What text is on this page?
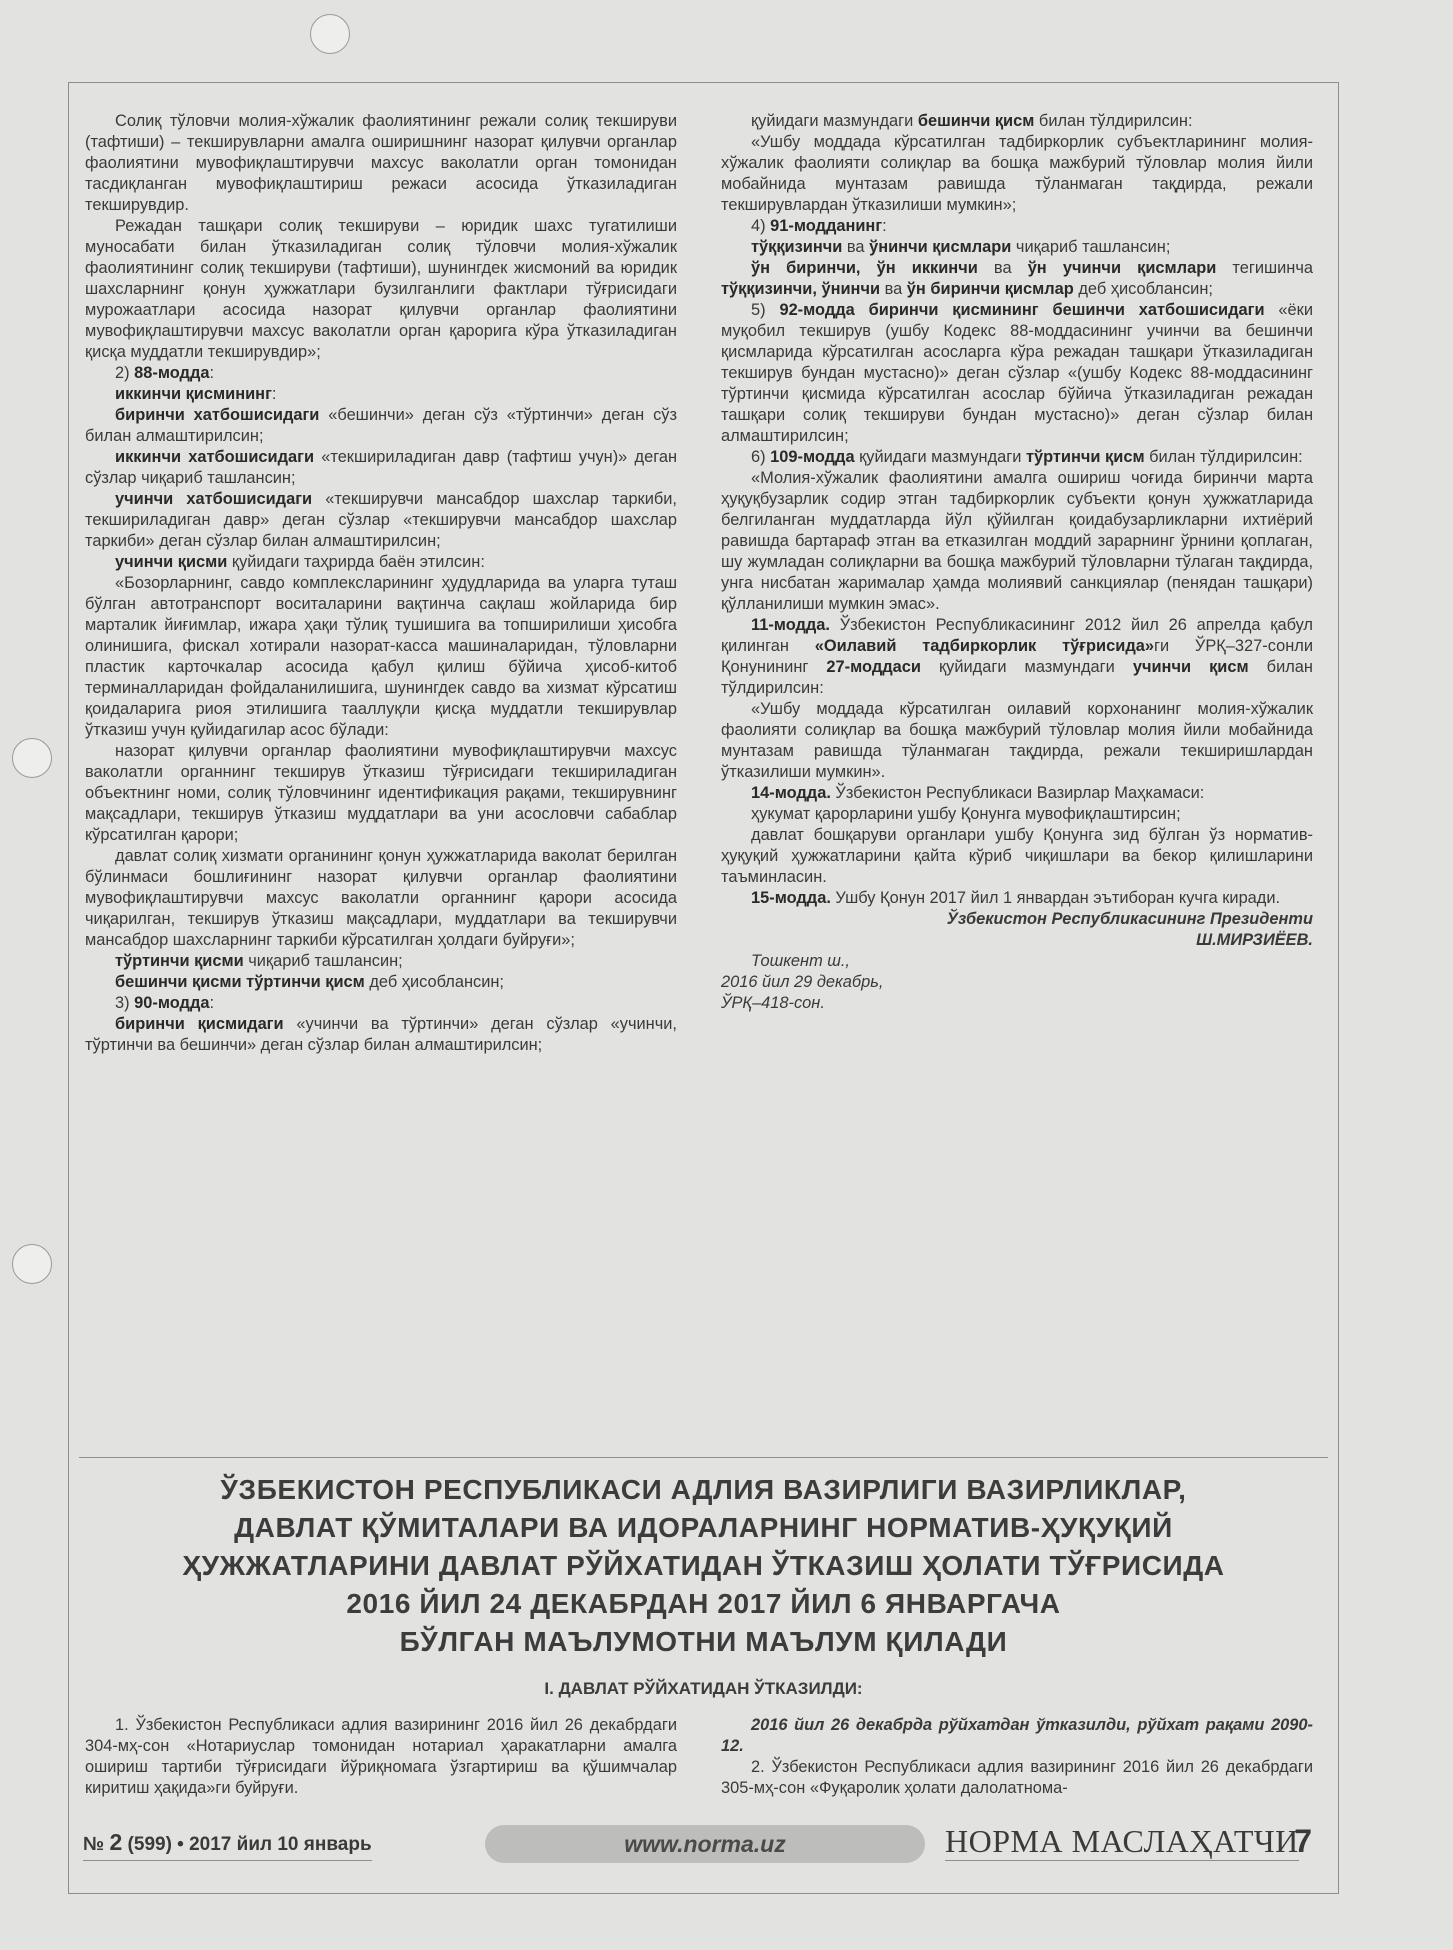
Солиқ тўловчи молия-хўжалик фаолиятининг режали солиқ текшируви (тафтиши) – текширувларни амалга оширишнинг назорат қилувчи органлар фаолиятини мувофиқлаштирувчи махсус ваколатли орган томонидан тасдиқланган мувофиқлаштириш режаси асосида ўтказиладиган текширувдир.

Режадан ташқари солиқ текшируви – юридик шахс тугатилиши муносабати билан ўтказиладиган солиқ тўловчи молия-хўжалик фаолиятининг солиқ текшируви (тафтиши), шунингдек жисмоний ва юридик шахсларнинг қонун ҳужжатлари бузилганлиги фактлари тўғрисидаги мурожаатлари асосида назорат қилувчи органлар фаолиятини мувофиқлаштирувчи махсус ваколатли орган қарорига кўра ўтказиладиган қисқа муддатли текширувдир»;

2) 88-модда:

иккинчи қисмининг:

биринчи хатбошисидаги «бешинчи» деган сўз «тўртинчи» деган сўз билан алмаштирилсин;

иккинчи хатбошисидаги «текшириладиган давр (тафтиш учун)» деган сўзлар чиқариб ташлансин;

учинчи хатбошисидаги «текширувчи мансабдор шахслар таркиби, текшириладиган давр» деган сўзлар «текширувчи мансабдор шахслар таркиби» деган сўзлар билан алмаштирилсин;

учинчи қисми қуйидаги таҳрирда баён этилсин:

«Бозорларнинг, савдо комплексларининг ҳудудларида ва уларга туташ бўлган автотранспорт воситаларини вақтинча сақлаш жойларида бир марталик йиғимлар, ижара ҳақи тўлиқ тушишига ва топширилиши ҳисобга олинишига, фискал хотирали назорат-касса машиналаридан, тўловларни пластик карточкалар асосида қабул қилиш бўйича ҳисоб-китоб терминалларидан фойдаланилишига, шунингдек савдо ва хизмат кўрсатиш қоидаларига риоя этилишига тааллуқли қисқа муддатли текширувлар ўтказиш учун қуйидагилар асос бўлади:

назорат қилувчи органлар фаолиятини мувофиқлаштирувчи махсус ваколатли органнинг текширув ўтказиш тўғрисидаги текшириладиган объектнинг номи, солиқ тўловчининг идентификация рақами, текширувнинг мақсадлари, текширув ўтказиш муддатлари ва уни асословчи сабаблар кўрсатилган қарори;

давлат солиқ хизмати органининг қонун ҳужжатларида ваколат берилган бўлинмаси бошлиғининг назорат қилувчи органлар фаолиятини мувофиқлаштирувчи махсус ваколатли органнинг қарори асосида чиқарилган, текширув ўтказиш мақсадлари, муддатлари ва текширувчи мансабдор шахсларнинг таркиби кўрсатилган ҳолдаги буйруғи»;

тўртинчи қисми чиқариб ташлансин;

бешинчи қисми тўртинчи қисм деб ҳисоблансин;

3) 90-модда:

биринчи қисмидаги «учинчи ва тўртинчи» деган сўзлар «учинчи, тўртинчи ва бешинчи» деган сўзлар билан алмаштирилсин;

қуйидаги мазмундаги бешинчи қисм билан тўлдирилсин:

«Ушбу моддада кўрсатилган тадбиркорлик субъектларининг молия-хўжалик фаолияти солиқлар ва бошқа мажбурий тўловлар молия йили мобайнида мунтазам равишда тўланмаган тақдирда, режали текширувлардан ўтказилиши мумкин»;

4) 91-модданинг:

тўққизинчи ва ўнинчи қисмлари чиқариб ташлансин;

ўн биринчи, ўн иккинчи ва ўн учинчи қисмлари тегишинча тўққизинчи, ўнинчи ва ўн биринчи қисмлар деб ҳисоблансин;

5) 92-модда биринчи қисмининг бешинчи хатбошисидаги «ёки муқобил текширув (ушбу Кодекс 88-моддасининг учинчи ва бешинчи қисмларида кўрсатилган асосларга кўра режадан ташқари ўтказиладиган текширув бундан мустасно)» деган сўзлар «(ушбу Кодекс 88-моддасининг тўртинчи қисмида кўрсатилган асослар бўйича ўтказиладиган режадан ташқари солиқ текшируви бундан мустасно)» деган сўзлар билан алмаштирилсин;

6) 109-модда қуйидаги мазмундаги тўртинчи қисм билан тўлдирилсин:

«Молия-хўжалик фаолиятини амалга ошириш чоғида биринчи марта ҳуқуқбузарлик содир этган тадбиркорлик субъекти қонун ҳужжатларида белгиланган муддатларда йўл қўйилган қоидабузарликларни ихтиёрий равишда бартараф этган ва етказилган моддий зарарнинг ўрнини қоплаган, шу жумладан солиқларни ва бошқа мажбурий тўловларни тўлаган тақдирда, унга нисбатан жарималар ҳамда молиявий санкциялар (пенядан ташқари) қўлланилиши мумкин эмас».

11-модда. Ўзбекистон Республикасининг 2012 йил 26 апрелда қабул қилинган «Оилавий тадбиркорлик тўғрисида»ги ЎРҚ–327-сонли Қонунининг 27-моддаси қуйидаги мазмундаги учинчи қисм билан тўлдирилсин:

«Ушбу моддада кўрсатилган оилавий корхонанинг молия-хўжалик фаолияти солиқлар ва бошқа мажбурий тўловлар молия йили мобайнида мунтазам равишда тўланмаган тақдирда, режали текширишлардан ўтказилиши мумкин».

14-модда. Ўзбекистон Республикаси Вазирлар Маҳкамаси:

ҳукумат қарорларини ушбу Қонунга мувофиқлаштирсин;

давлат бошқаруви органлари ушбу Қонунга зид бўлган ўз норматив-ҳуқуқий ҳужжатларини қайта кўриб чиқишлари ва бекор қилишларини таъминласин.

15-модда. Ушбу Қонун 2017 йил 1 январдан эътиборан кучга киради.

Ўзбекистон Республикасининг Президенти

Ш.МИРЗИЁЕВ.

Тошкент ш.,

2016 йил 29 декабрь,

ЎРҚ–418-сон.

ЎЗБЕКИСТОН РЕСПУБЛИКАСИ АДЛИЯ ВАЗИРЛИГИ ВАЗИРЛИКЛАР,
ДАВЛАТ ҚЎМИТАЛАРИ ВА ИДОРАЛАРНИНГ НОРМАТИВ-ҲУҚУҚИЙ
ҲУЖЖАТЛАРИНИ ДАВЛАТ РЎЙХАТИДАН ЎТКАЗИШ ҲОЛАТИ ТЎҒРИСИДА
2016 ЙИЛ 24 ДЕКАБРДАН 2017 ЙИЛ 6 ЯНВАРГАЧА
БЎЛГАН МАЪЛУМОТНИ МАЪЛУМ ҚИЛАДИ
I. ДАВЛАТ РЎЙХАТИДАН ЎТКАЗИЛДИ:

1. Ўзбекистон Республикаси адлия вазирининг 2016 йил 26 декабрдаги 304-мҳ-сон «Нотариуслар томонидан нотариал ҳаракатларни амалга ошириш тартиби тўғрисидаги йўриқномага ўзгартириш ва қўшимчалар киритиш ҳақида»ги буйруғи.

2016 йил 26 декабрда рўйхатдан ўтказилди, рўйхат рақами 2090-12.

2. Ўзбекистон Республикаси адлия вазирининг 2016 йил 26 декабрдаги 305-мҳ-сон «Фуқаролик ҳолати далолатнома-

№ 2 (599) • 2017 йил 10 январь	www.norma.uz	НОРМА МАСЛАҲАТЧИ
7
